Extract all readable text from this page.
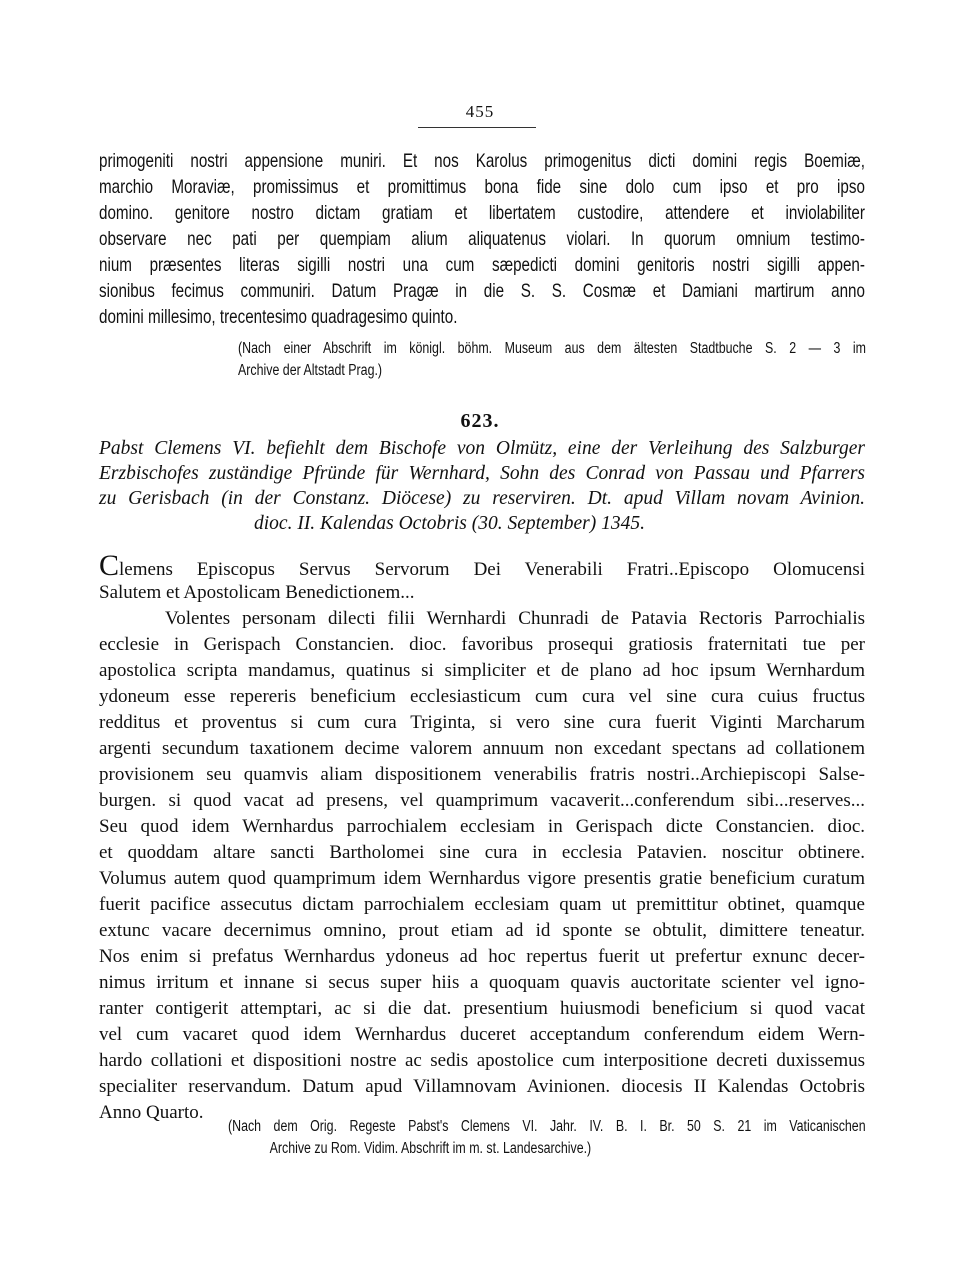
455
primogeniti nostri appensione muniri. Et nos Karolus primogenitus dicti domini regis Boemiæ,
marchio Moraviæ, promissimus et promittimus bona fide sine dolo cum ipso et pro ipso
domino. genitore nostro dictam gratiam et libertatem custodire, attendere et inviolabiliter
observare nec pati per quempiam alium aliquatenus violari. In quorum omnium testimo-
nium præsentes literas sigilli nostri una cum sæpedicti domini genitoris nostri sigilli appen-
sionibus fecimus communiri. Datum Pragæ in die S. S. Cosmæ et Damiani martirum anno
domini millesimo, trecentesimo quadragesimo quinto.
(Nach einer Abschrift im königl. böhm. Museum aus dem ältesten Stadtbuche S. 2 — 3 im
Archive der Altstadt Prag.)
623.
Pabst Clemens VI. befiehlt dem Bischofe von Olmütz, eine der Verleihung des Salzburger
Erzbischofes zuständige Pfründe für Wernhard, Sohn des Conrad von Passau und Pfarrers
zu Gerisbach (in der Constanz. Diöcese) zu reserviren. Dt. apud Villam novam Avinion.
dioc. II. Kalendas Octobris (30. September) 1345.
Clemens Episcopus Servus Servorum Dei Venerabili Fratri..Episcopo Olomucensi
Salutem et Apostolicam Benedictionem...
Volentes personam dilecti filii Wernhardi Chunradi de Patavia Rectoris Parrochialis
ecclesie in Gerispach Constancien. dioc. favoribus prosequi gratiosis fraternitati tue per
apostolica scripta mandamus, quatinus si simpliciter et de plano ad hoc ipsum Wernhardum
ydoneum esse repereris beneficium ecclesiasticum cum cura vel sine cura cuius fructus
redditus et proventus si cum cura Triginta, si vero sine cura fuerit Viginti Marcharum
argenti secundum taxationem decime valorem annuum non excedant spectans ad collationem
provisionem seu quamvis aliam dispositionem venerabilis fratris nostri..Archiepiscopi Salse-
burgen. si quod vacat ad presens, vel quamprimum vacaverit...conferendum sibi...reserves...
Seu quod idem Wernhardus parrochialem ecclesiam in Gerispach dicte Constancien. dioc.
et quoddam altare sancti Bartholomei sine cura in ecclesia Patavien. noscitur obtinere.
Volumus autem quod quamprimum idem Wernhardus vigore presentis gratie beneficium curatum
fuerit pacifice assecutus dictam parrochialem ecclesiam quam ut premittitur obtinet, quamque
extunc vacare decernimus omnino, prout etiam ad id sponte se obtulit, dimittere teneatur.
Nos enim si prefatus Wernhardus ydoneus ad hoc repertus fuerit ut prefertur exnunc decer-
nimus irritum et innane si secus super hiis a quoquam quavis auctoritate scienter vel igno-
ranter contigerit attemptari, ac si die dat. presentium huiusmodi beneficium si quod vacat
vel cum vacaret quod idem Wernhardus duceret acceptandum conferendum eidem Wern-
hardo collationi et dispositioni nostre ac sedis apostolice cum interpositione decreti duxissemus
specialiter reservandum. Datum apud Villamnovam Avinionen. diocesis II Kalendas Octobris
Anno Quarto.
(Nach dem Orig. Regeste Pabst's Clemens VI. Jahr. IV. B. I. Br. 50 S. 21 im Vaticanischen
Archive zu Rom. Vidim. Abschrift im m. st. Landesarchive.)
